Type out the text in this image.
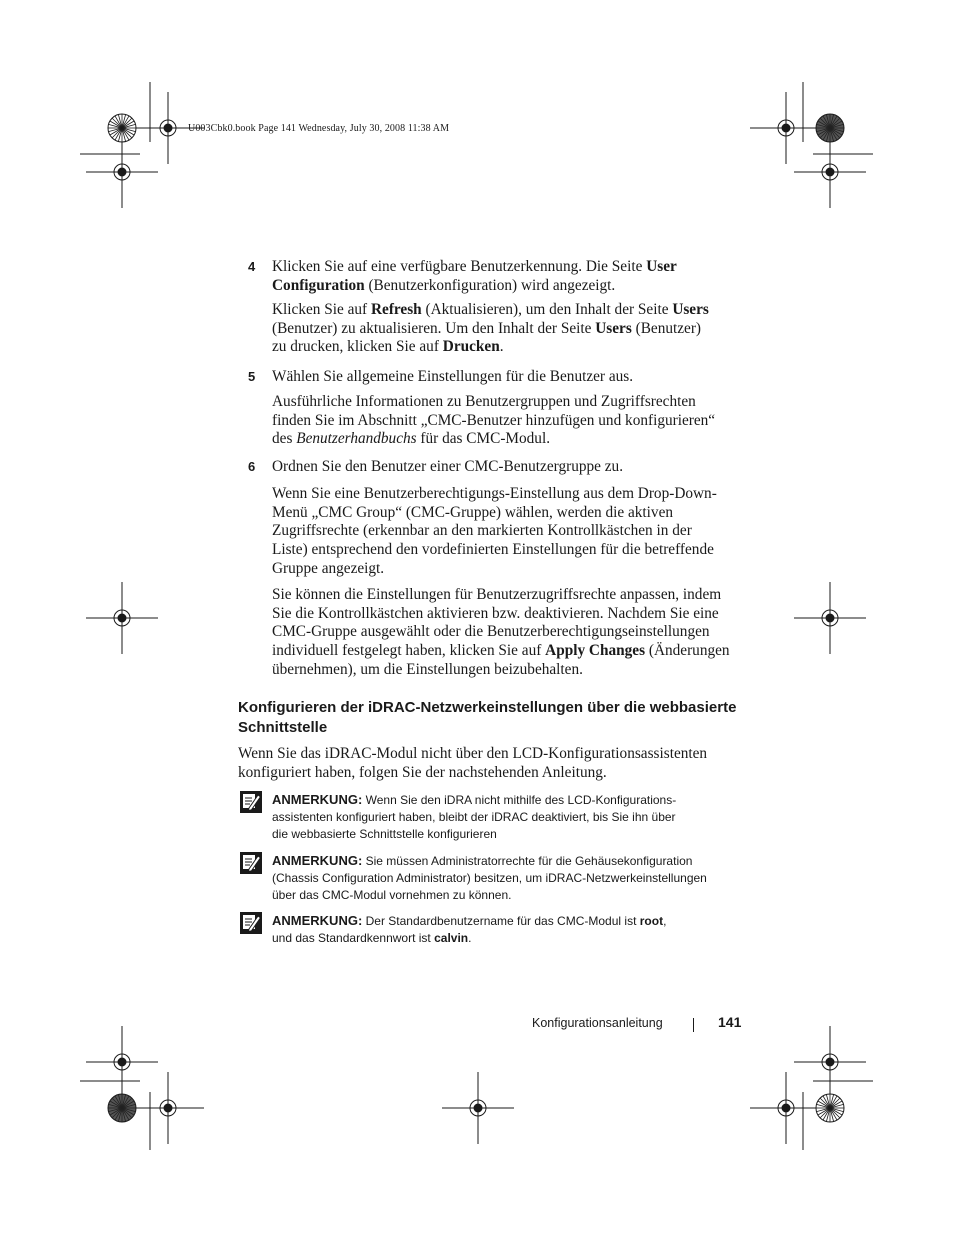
U003Cbk0.book Page 141 Wednesday, July 30, 2008 11:38 AM
4 Klicken Sie auf eine verfügbare Benutzerkennung. Die Seite User
Configuration (Benutzerkonfiguration) wird angezeigt.
Klicken Sie auf Refresh (Aktualisieren), um den Inhalt der Seite Users
(Benutzer) zu aktualisieren. Um den Inhalt der Seite Users (Benutzer)
zu drucken, klicken Sie auf Drucken.
5 Wählen Sie allgemeine Einstellungen für die Benutzer aus.
Ausführliche Informationen zu Benutzergruppen und Zugriffsrechten
finden Sie im Abschnitt „CMC-Benutzer hinzufügen und konfigurieren“
des Benutzerhandbuchs für das CMC-Modul.
6 Ordnen Sie den Benutzer einer CMC-Benutzergruppe zu.
Wenn Sie eine Benutzerberechtigungs-Einstellung aus dem Drop-Down-
Menü „CMC Group“ (CMC-Gruppe) wählen, werden die aktiven
Zugriffsrechte (erkennbar an den markierten Kontrollkästchen in der
Liste) entsprechend den vordefinierten Einstellungen für die betreffende
Gruppe angezeigt.
Sie können die Einstellungen für Benutzerzugriffsrechte anpassen, indem
Sie die Kontrollkästchen aktivieren bzw. deaktivieren. Nachdem Sie eine
CMC-Gruppe ausgewählt oder die Benutzerberechtigungseinstellungen
individuell festgelegt haben, klicken Sie auf Apply Changes (Änderungen
übernehmen), um die Einstellungen beizubehalten.
Konfigurieren der iDRAC-Netzwerkeinstellungen über die webbasierte
Schnittstelle
Wenn Sie das iDRAC-Modul nicht über den LCD-Konfigurationsassistenten
konfiguriert haben, folgen Sie der nachstehenden Anleitung.
ANMERKUNG: Wenn Sie den iDRA nicht mithilfe des LCD-Konfigurations-
assistenten konfiguriert haben, bleibt der iDRAC deaktiviert, bis Sie ihn über
die webbasierte Schnittstelle konfigurieren
ANMERKUNG: Sie müssen Administratorrechte für die Gehäusekonfiguration
(Chassis Configuration Administrator) besitzen, um iDRAC-Netzwerkeinstellungen
über das CMC-Modul vornehmen zu können.
ANMERKUNG: Der Standardbenutzername für das CMC-Modul ist root,
und das Standardkennwort ist calvin.
Konfigurationsanleitung	141
